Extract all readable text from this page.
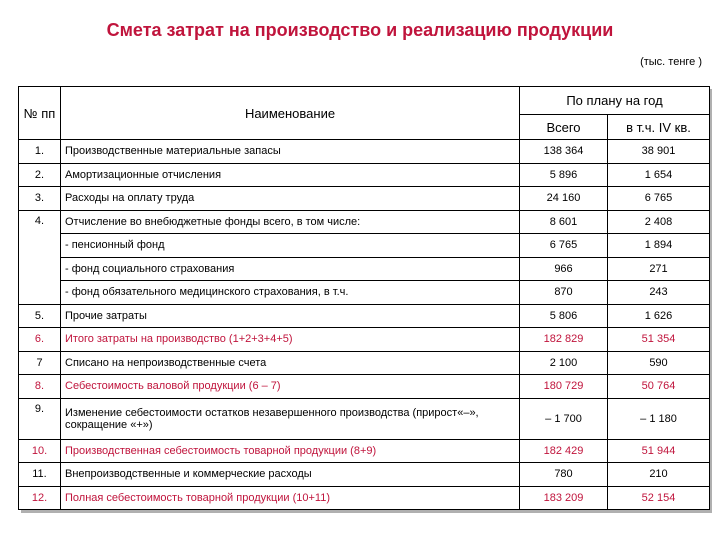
Смета затрат на производство и реализацию продукции
(тыс. тенге )
№ пп	Наименование	По плану на год	
		Всего	в т.ч. IV кв.
1.	Производственные материальные запасы	138 364	38 901
2.	Амортизационные отчисления	5 896	1 654
3.	Расходы на оплату труда	24 160	6 765
4.	Отчисление во внебюджетные фонды всего, в том числе:	8 601	2 408
	- пенсионный фонд	6 765	1 894
	- фонд социального страхования	966	271
	- фонд обязательного медицинского страхования, в т.ч.	870	243
5.	Прочие затраты	5 806	1 626
6.	Итого затраты на производство (1+2+3+4+5)	182 829	51 354
7	Списано на непроизводственные счета	2 100	590
8.	Себестоимость валовой продукции (6 – 7)	180 729	50 764
9.	Изменение себестоимости остатков незавершенного производства (прирост«–», сокращение «+»)	– 1 700	– 1 180
10.	Производственная себестоимость товарной продукции (8+9)	182 429	51 944
11.	Внепроизводственные и коммерческие расходы	780	210
12.	Полная себестоимость товарной продукции (10+11)	183 209	52 154
